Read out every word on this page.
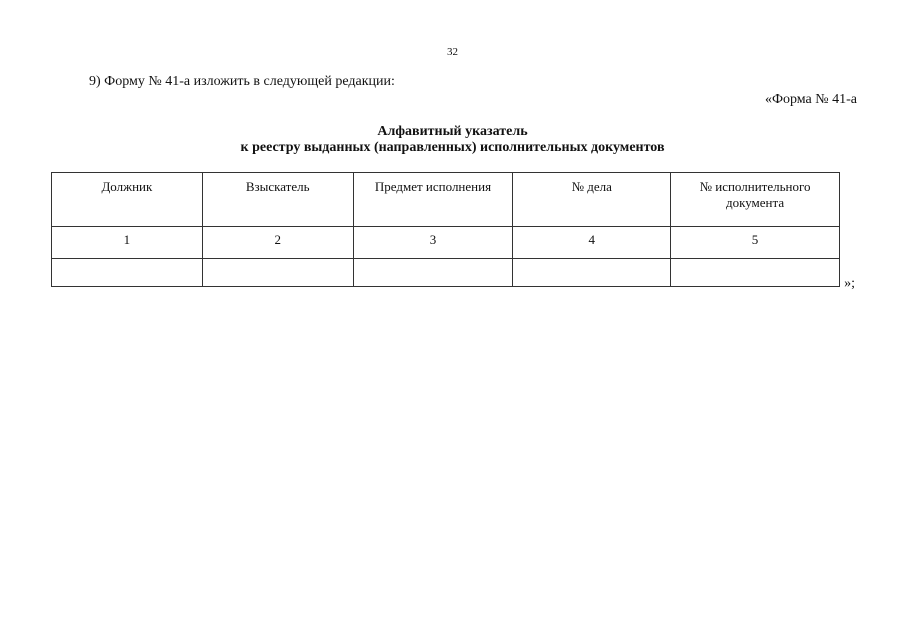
32
9) Форму № 41-а изложить в следующей редакции:
«Форма № 41-а
Алфавитный указатель
к реестру выданных (направленных) исполнительных документов
Должник	Взыскатель	Предмет исполнения	№ дела	№ исполнительного документа
1	2	3	4	5

»;
